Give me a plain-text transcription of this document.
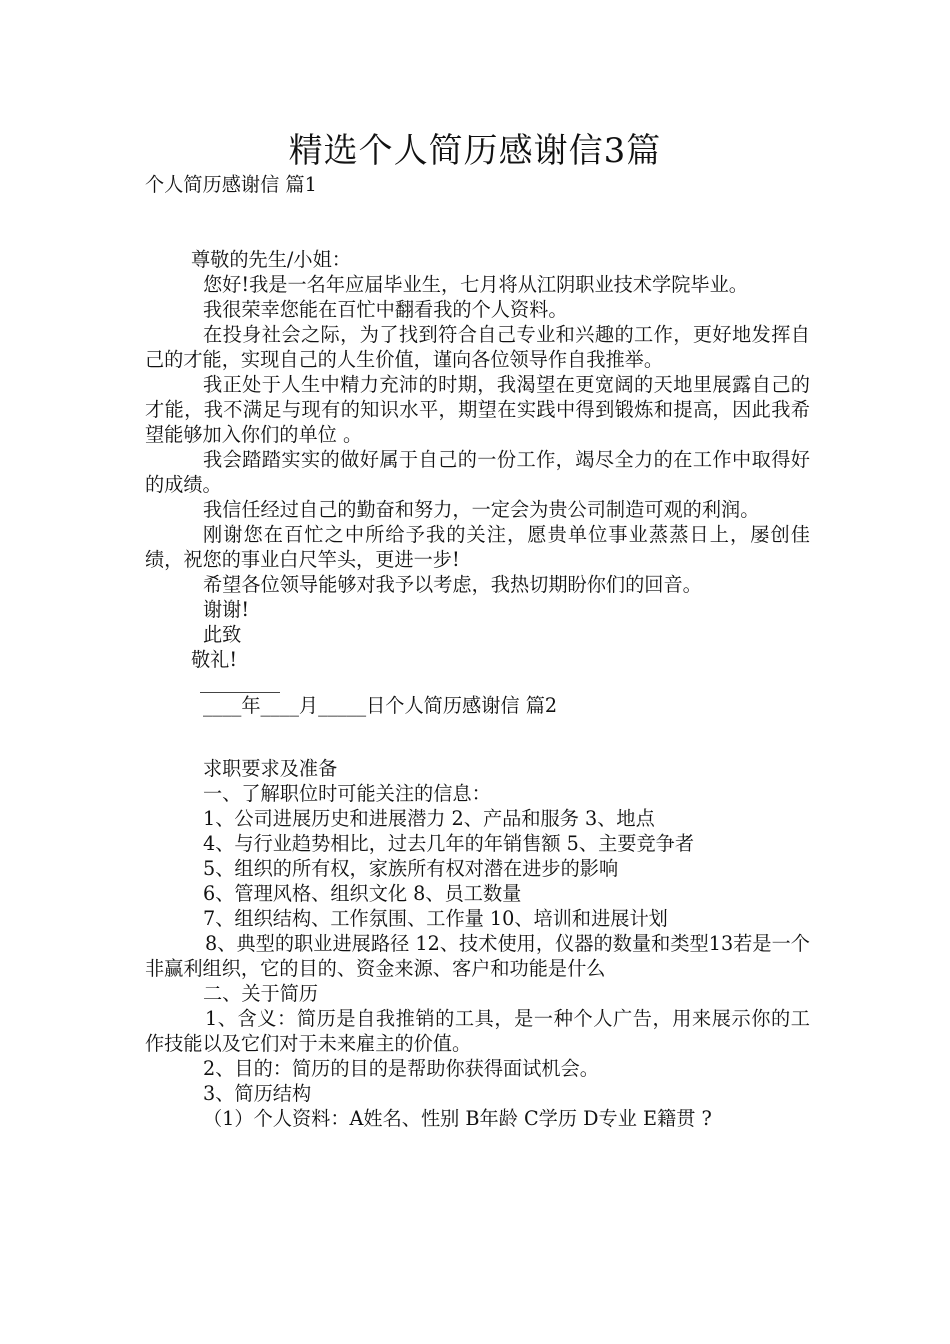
精选个人简历感谢信3篇

个人简历感谢信 篇1

尊敬的先生/小姐：

您好!我是一名年应届毕业生，七月将从江阴职业技术学院毕业。

我很荣幸您能在百忙中翻看我的个人资料。

在投身社会之际，为了找到符合自己专业和兴趣的工作，更好地发挥自己的才能，实现自己的人生价值，谨向各位领导作自我推举。

我正处于人生中精力充沛的时期，我渴望在更宽阔的天地里展露自己的才能，我不满足与现有的知识水平，期望在实践中得到锻炼和提高，因此我希望能够加入你们的单位 。

我会踏踏实实的做好属于自己的一份工作，竭尽全力的在工作中取得好的成绩。

我信任经过自己的勤奋和努力，一定会为贵公司制造可观的利润。

刚谢您在百忙之中所给予我的关注，愿贵单位事业蒸蒸日上，屡创佳绩，祝您的事业白尺竿头，更进一步!

希望各位领导能够对我予以考虑，我热切期盼你们的回音。

谢谢!

此致

敬礼!

____年____月_____日个人简历感谢信 篇2

求职要求及准备

一、了解职位时可能关注的信息：

1、公司进展历史和进展潜力 2、产品和服务 3、地点

4、与行业趋势相比，过去几年的年销售额 5、主要竞争者

5、组织的所有权，家族所有权对潜在进步的影响

6、管理风格、组织文化 8、员工数量

7、组织结构、工作氛围、工作量 10、培训和进展计划

8、典型的职业进展路径 12、技术使用，仪器的数量和类型13若是一个非赢利组织，它的目的、资金来源、客户和功能是什么

二、关于简历

1、含义：简历是自我推销的工具，是一种个人广告，用来展示你的工作技能以及它们对于未来雇主的价值。

2、目的：简历的目的是帮助你获得面试机会。

3、简历结构

（1）个人资料：A姓名、性别 B年龄 C学历 D专业 E籍贯 ?
